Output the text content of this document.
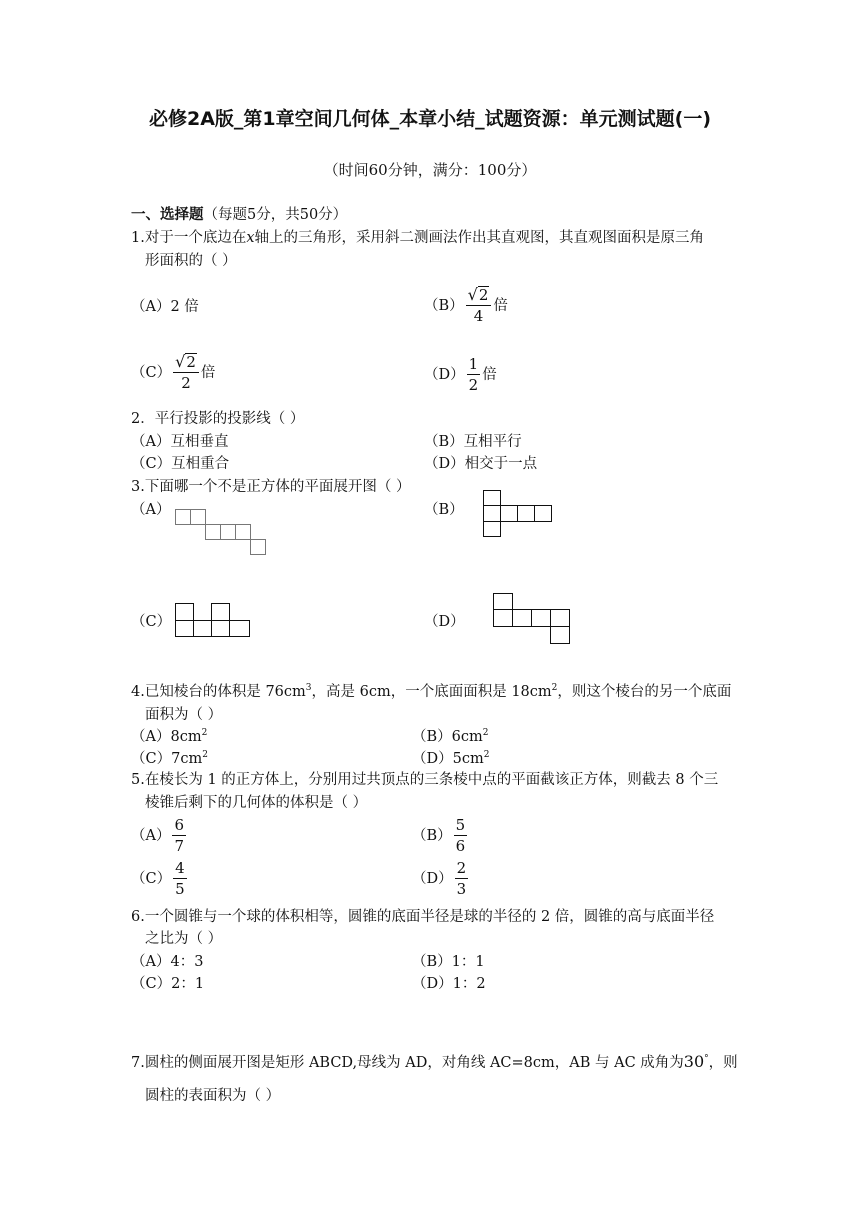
必修2A版_第1章空间几何体_本章小结_试题资源：单元测试题(一)
（时间60分钟，满分：100分）
一、选择题（每题5分，共50分）
1.对于一个底边在x轴上的三角形，采用斜二测画法作出其直观图，其直观图面积是原三角
形面积的（ ）
（A）2 倍	$(B) \frac{√ 2}{4}$ 倍
$(C) \frac{√ 2}{2}$ 倍	$(D) \frac{1}{2}$ 倍
2．平行投影的投影线（ ）
（A）互相垂直	（B）互相平行
（C）互相重合	（D）相交于一点
3.下面哪一个不是正方体的平面展开图（ ）
（A）	（B）
（C）	（D）
4.已知棱台的体积是 $76cm^3$，高是 6cm，一个底面面积是 $18cm^2$，则这个棱台的另一个底面
面积为（ ）
$(A)8cm^2$	$(B)6cm^2$
$(C)7cm^2$	$(D)5cm^2$
5.在棱长为 1 的正方体上，分别用过共顶点的三条棱中点的平面截该正方体，则截去 8 个三
棱锥后剩下的几何体的体积是（ ）
$(A) \frac{6}{7}$	$(B) \frac{5}{6}$
$(C) \frac{4}{5}$	$(D) \frac{2}{3}$
6.一个圆锥与一个球的体积相等，圆锥的底面半径是球的半径的 2 倍，圆锥的高与底面半径
之比为（ ）
（A）4：3	（B）1：1
（C）2：1	（D）1：2
7.圆柱的侧面展开图是矩形 ABCD,母线为 AD，对角线 AC=8cm，AB 与 AC 成角为30°，则
圆柱的表面积为（ ）
